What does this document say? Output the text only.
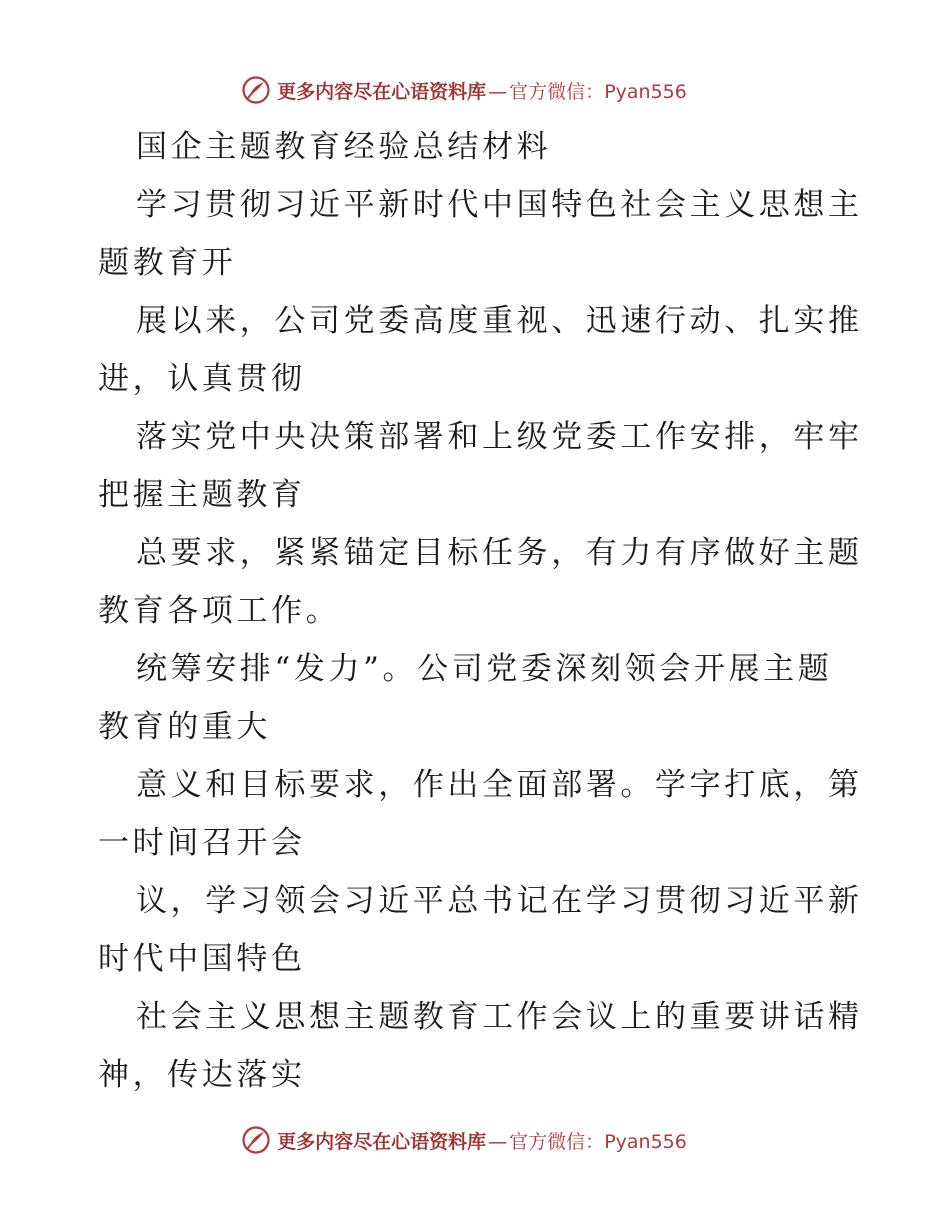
更多内容尽在心语资料库 — 官方微信：Pyan556
国企主题教育经验总结材料
学习贯彻习近平新时代中国特色社会主义思想主
题教育开
展以来，公司党委高度重视、迅速行动、扎实推
进，认真贯彻
落实党中央决策部署和上级党委工作安排，牢牢
把握主题教育
总要求，紧紧锚定目标任务，有力有序做好主题
教育各项工作。
统筹安排“发力”。公司党委深刻领会开展主题
教育的重大
意义和目标要求，作出全面部署。学字打底，第
一时间召开会
议，学习领会习近平总书记在学习贯彻习近平新
时代中国特色
社会主义思想主题教育工作会议上的重要讲话精
神，传达落实
更多内容尽在心语资料库 — 官方微信：Pyan556
